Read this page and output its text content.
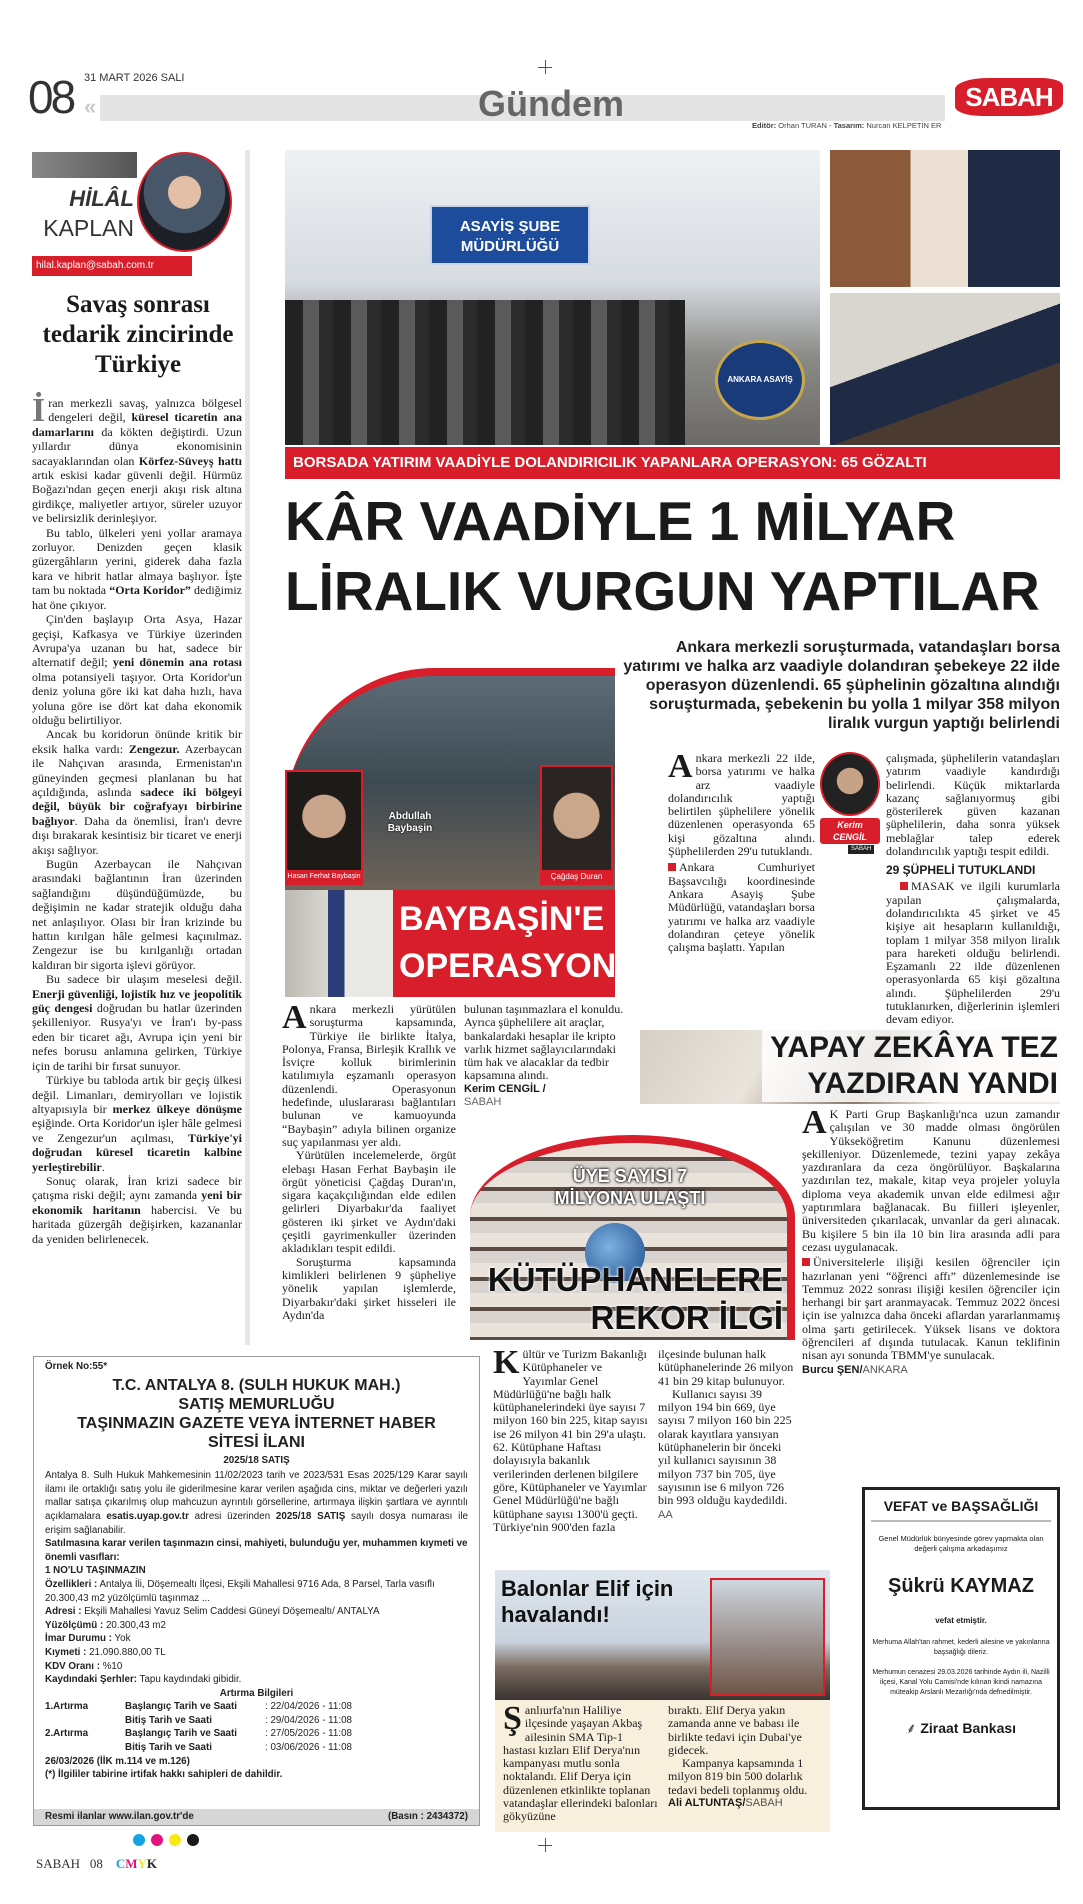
08 «
31 MART 2026 SALI
Gündem
Editör: Orhan TURAN - Tasarım: Nurcan KELPETİN ER
SABAH
HİLÂL
KAPLAN
hilal.kaplan@sabah.com.tr
Savaş sonrası tedarik zincirinde Türkiye

İran merkezli savaş, yalnızca bölgesel dengeleri değil, küresel ticaretin ana damarlarını da kökten değiştirdi. Uzun yıllardır dünya ekonomisinin sacayaklarından olan Körfez-Süveyş hattı artık eskisi kadar güvenli değil. Hürmüz Boğazı'ndan geçen enerji akışı risk altına girdikçe, maliyetler artıyor, süreler uzuyor ve belirsizlik derinleşiyor.

Bu tablo, ülkeleri yeni yollar aramaya zorluyor. Denizden geçen klasik güzergâhların yerini, giderek daha fazla kara ve hibrit hatlar almaya başlıyor. İşte tam bu noktada “Orta Koridor” dediğimiz hat öne çıkıyor.

Çin'den başlayıp Orta Asya, Hazar geçişi, Kafkasya ve Türkiye üzerinden Avrupa'ya uzanan bu hat, sadece bir alternatif değil; yeni dönemin ana rotası olma potansiyeli taşıyor. Orta Koridor'un deniz yoluna göre iki kat daha hızlı, hava yoluna göre ise dört kat daha ekonomik olduğu belirtiliyor.

Ancak bu koridorun önünde kritik bir eksik halka vardı: Zengezur. Azerbaycan ile Nahçıvan arasında, Ermenistan'ın güneyinden geçmesi planlanan bu hat açıldığında, aslında sadece iki bölgeyi değil, büyük bir coğrafyayı birbirine bağlıyor. Daha da önemlisi, İran'ı devre dışı bırakarak kesintisiz bir ticaret ve enerji akışı sağlıyor.

Bugün Azerbaycan ile Nahçıvan arasındaki bağlantının İran üzerinden sağlandığını düşündüğümüzde, bu değişimin ne kadar stratejik olduğu daha net anlaşılıyor. Olası bir İran krizinde bu hattın kırılgan hâle gelmesi kaçınılmaz. Zengezur ise bu kırılganlığı ortadan kaldıran bir sigorta işlevi görüyor.

Bu sadece bir ulaşım meselesi değil. Enerji güvenliği, lojistik hız ve jeopolitik güç dengesi doğrudan bu hatlar üzerinden şekilleniyor. Rusya'yı ve İran'ı by-pass eden bir ticaret ağı, Avrupa için yeni bir nefes borusu anlamına gelirken, Türkiye için de tarihi bir fırsat sunuyor.

Türkiye bu tabloda artık bir geçiş ülkesi değil. Limanları, demiryolları ve lojistik altyapısıyla bir merkez ülkeye dönüşme eşiğinde. Orta Koridor'un işler hâle gelmesi ve Zengezur'un açılması, Türkiye'yi doğrudan küresel ticaretin kalbine yerleştirebilir.

Sonuç olarak, İran krizi sadece bir çatışma riski değil; aynı zamanda yeni bir ekonomik haritanın habercisi. Ve bu haritada güzergâh değişirken, kazananlar da yeniden belirlenecek.

ASAYİŞ ŞUBE MÜDÜRLÜĞÜ
ANKARA ASAYİŞ
BORSADA YATIRIM VAADİYLE DOLANDIRICILIK YAPANLARA OPERASYON: 65 GÖZALTI
KÂR VAADİYLE 1 MİLYAR
LİRALIK VURGUN YAPTILAR
Ankara merkezli soruşturmada, vatandaşları borsa yatırımı ve halka arz vaadiyle dolandıran şebekeye 22 ilde operasyon düzenlendi. 65 şüphelinin gözaltına alındığı soruşturmada, şebekenin bu yolla 1 milyar 358 milyon liralık vurgun yaptığı belirlendi
Abdullah Baybaşin
Hasan Ferhat Baybaşin	Çağdaş Duran
BAYBAŞİN'E
OPERASYON

Ankara merkezli 22 ilde, borsa yatırımı ve halka arz vaadiyle dolandırıcılık yaptığı belirtilen şüphelilere yönelik düzenlenen operasyonda 65 kişi gözaltına alındı. Şüphelilerden 29'u tutuklandı.

Ankara Cumhuriyet Başsavcılığı koordinesinde Ankara Asayiş Şube Müdürlüğü, vatandaşları borsa yatırımı ve halka arz vaadiyle dolandıran çeteye yönelik çalışma başlattı. Yapılan

Kerim
CENGİL
SABAH

çalışmada, şüphelilerin vatandaşları yatırım vaadiyle kandırdığı belirlendi. Küçük miktarlarda kazanç sağlanıyormuş gibi gösterilerek güven kazanan şüphelilerin, daha sonra yüksek meblağlar talep ederek dolandırıcılık yaptığı tespit edildi.

29 ŞÜPHELİ TUTUKLANDI

MASAK ve ilgili kurumlarla yapılan çalışmalarda, dolandırıcılıkta 45 şirket ve 45 kişiye ait hesapların kullanıldığı, toplam 1 milyar 358 milyon liralık para hareketi olduğu belirlendi. Eşzamanlı 22 ilde düzenlenen operasyonlarda 65 kişi gözaltına alındı. Şüphelilerden 29'u tutuklanırken, diğerlerinin işlemleri devam ediyor.

Ankara merkezli yürütülen soruşturma kapsamında, Türkiye ile birlikte İtalya, Polonya, Fransa, Birleşik Krallık ve İsviçre kolluk birimlerinin katılımıyla eşzamanlı operasyon düzenlendi. Operasyonun hedefinde, uluslararası bağlantıları bulunan ve kamuoyunda “Baybaşin” adıyla bilinen organize suç yapılanması yer aldı.

Yürütülen incelemelerde, örgüt elebaşı Hasan Ferhat Baybaşin ile örgüt yöneticisi Çağdaş Duran'ın, sigara kaçakçılığından elde edilen gelirleri Diyarbakır'da faaliyet gösteren iki şirket ve Aydın'daki çeşitli gayrimenkuller üzerinden akladıkları tespit edildi.

Soruşturma kapsamında kimlikleri belirlenen 9 şüpheliye yönelik yapılan işlemlerde, Diyarbakır'daki şirket hisseleri ile Aydın'da

bulunan taşınmazlara el konuldu. Ayrıca şüphelilere ait araçlar, bankalardaki hesaplar ile kripto varlık hizmet sağlayıcılarındaki tüm hak ve alacaklar da tedbir kapsamına alındı.

Kerim CENGİL /
SABAH
YAPAY ZEKÂYA TEZ
YAZDIRAN YANDI

A K Parti Grup Başkanlığı'nca uzun zamandır çalışılan ve 30 madde olması öngörülen Yükseköğretim Kanunu düzenlemesi şekilleniyor. Düzenlemede, tezini yapay zekâya yazdıranlara da ceza öngörülüyor. Başkalarına yazdırılan tez, makale, kitap veya projeler yoluyla diploma veya akademik unvan elde edilmesi ağır yaptırımlara bağlanacak. Bu fiilleri işleyenler, üniversiteden çıkarılacak, unvanlar da geri alınacak. Bu kişilere 5 bin ila 10 bin lira arasında adli para cezası uygulanacak.

Üniversitelerle ilişiği kesilen öğrenciler için hazırlanan yeni “öğrenci affı” düzenlemesinde ise Temmuz 2022 sonrası ilişiği kesilen öğrenciler için herhangi bir şart aranmayacak. Temmuz 2022 öncesi için ise yalnızca daha önceki aflardan yararlanmamış olma şartı getirilecek. Yüksek lisans ve doktora öğrencileri af dışında tutulacak. Kanun teklifinin nisan ayı sonunda TBMM'ye sunulacak.

Burcu ŞEN/ANKARA
ÜYE SAYISI 7 MİLYONA ULAŞTI
KÜTÜPHANELERE
REKOR İLGİ

Kültür ve Turizm Bakanlığı Kütüphaneler ve Yayımlar Genel Müdürlüğü'ne bağlı halk kütüphanelerindeki üye sayısı 7 milyon 160 bin 225, kitap sayısı ise 26 milyon 41 bin 29'a ulaştı. 62. Kütüphane Haftası dolayısıyla bakanlık verilerinden derlenen bilgilere göre, Kütüphaneler ve Yayımlar Genel Müdürlüğü'ne bağlı kütüphane sayısı 1300'ü geçti. Türkiye'nin 900'den fazla

ilçesinde bulunan halk kütüphanelerinde 26 milyon 41 bin 29 kitap bulunuyor.

Kullanıcı sayısı 39 milyon 194 bin 669, üye sayısı 7 milyon 160 bin 225 olarak kayıtlara yansıyan kütüphanelerin bir önceki yıl kullanıcı sayısının 38 milyon 737 bin 705, üye sayısının ise 6 milyon 726 bin 993 olduğu kaydedildi. AA

Balonlar Elif için havalandı!

Şanlıurfa'nın Haliliye ilçesinde yaşayan Akbaş ailesinin SMA Tip-1 hastası kızları Elif Derya'nın kampanyası mutlu sonla noktalandı. Elif Derya için düzenlenen etkinlikte toplanan vatandaşlar ellerindeki balonları gökyüzüne

bıraktı. Elif Derya yakın zamanda anne ve babası ile birlikte tedavi için Dubai'ye gidecek.

Kampanya kapsamında 1 milyon 819 bin 500 dolarlık tedavi bedeli toplanmış oldu.

Ali ALTUNTAŞ/SABAH
VEFAT ve BAŞSAĞLIĞI
Genel Müdürlük bünyesinde görev yapmakta olan değerli çalışma arkadaşımız
Şükrü KAYMAZ
vefat etmiştir.
Merhuma Allah'tan rahmet, kederli ailesine ve yakınlarına başsağlığı dileriz.
Merhumun cenazesi 29.03.2026 tarihinde Aydın ili, Nazilli ilçesi, Kanal Yolu Camisi'nde kılınan ikindi namazına müteakip Arslanlı Mezarlığı'nda defnedilmiştir.
⸙ Ziraat Bankası
Örnek No:55*
T.C. ANTALYA 8. (SULH HUKUK MAH.)
SATIŞ MEMURLUĞU
TAŞINMAZIN GAZETE VEYA İNTERNET HABER SİTESİ İLANI
2025/18 SATIŞ
Antalya 8. Sulh Hukuk Mahkemesinin 11/02/2023 tarih ve 2023/531 Esas 2025/129 Karar sayılı ilamı ile ortaklığı satış yolu ile giderilmesine karar verilen aşağıda cins, miktar ve değerleri yazılı mallar satışa çıkarılmış olup mahcuzun ayrıntılı görsellerine, artırmaya ilişkin şartlara ve ayrıntılı açıklamalara esatis.uyap.gov.tr adresi üzerinden 2025/18 SATIŞ sayılı dosya numarası ile erişim sağlanabilir.
Satılmasına karar verilen taşınmazın cinsi, mahiyeti, bulunduğu yer, muhammen kıymeti ve önemli vasıfları:
1 NO'LU TAŞINMAZIN
Özellikleri : Antalya İli, Döşemealtı İlçesi, Ekşili Mahallesi 9716 Ada, 8 Parsel, Tarla vasıflı 20.300,43 m2 yüzölçümlü taşınmaz ...
Adresi : Ekşili Mahallesi Yavuz Selim Caddesi Güneyi Döşemealtı/ ANTALYA
Yüzölçümü : 20.300,43 m2
İmar Durumu : Yok
Kıymeti : 21.090.880,00 TL
KDV Oranı : %10
Kaydındaki Şerhler: Tapu kaydındaki gibidir.
Artırma Bilgileri
1.Artırma	Başlangıç Tarih ve Saati	: 22/04/2026 - 11:08
Bitiş Tarih ve Saati	: 29/04/2026 - 11:08
2.Artırma	Başlangıç Tarih ve Saati	: 27/05/2026 - 11:08
Bitiş Tarih ve Saati	: 03/06/2026 - 11:08
26/03/2026 (İİK m.114 ve m.126)
(*) İlgililer tabirine irtifak hakkı sahipleri de dahildir.
Resmi ilanlar www.ilan.gov.tr'de	(Basın : 2434372)
SABAH 08 CMYK
